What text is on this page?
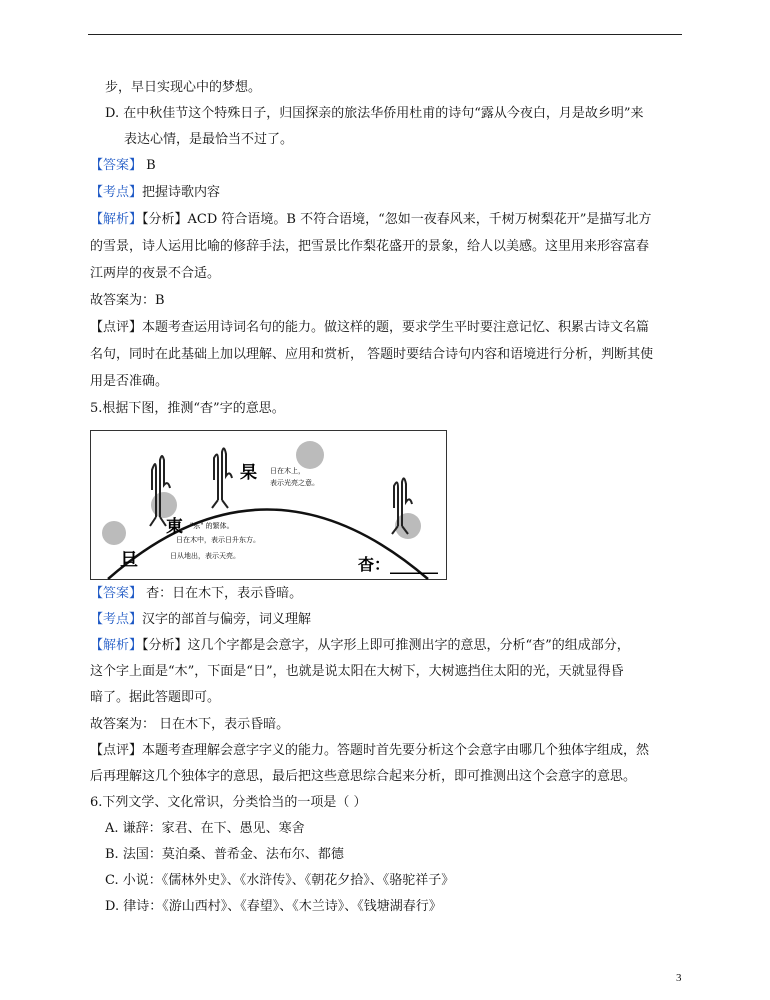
步，早日实现心中的梦想。
D. 在中秋佳节这个特殊日子，归国探亲的旅法华侨用杜甫的诗句“露从今夜白，月是故乡明”来
表达心情，是最恰当不过了。
【答案】 B
【考点】把握诗歌内容
【解析】【分析】ACD 符合语境。B 不符合语境，“忽如一夜春风来，千树万树梨花开”是描写北方
的雪景，诗人运用比喻的修辞手法，把雪景比作梨花盛开的景象，给人以美感。这里用来形容富春
江两岸的夜景不合适。
故答案为：B
【点评】本题考查运用诗词名句的能力。做这样的题，要求学生平时要注意记忆、积累古诗文名篇
名句，同时在此基础上加以理解、应用和赏析， 答题时要结合诗句内容和语境进行分析，判断其使
用是否准确。
5.根据下图，推测“杳”字的意思。
杲 日在木上，
表示光亮之意。
東 "东" 的繁体。
日在木中，表示日升东方。
旦	日从地出，表示天亮。	杳：______
【答案】 杳：日在木下，表示昏暗。
【考点】汉字的部首与偏旁，词义理解
【解析】【分析】这几个字都是会意字，从字形上即可推测出字的意思，分析“杳”的组成部分，
这个字上面是“木”，下面是“日”，也就是说太阳在大树下，大树遮挡住太阳的光，天就显得昏
暗了。据此答题即可。
故答案为： 日在木下，表示昏暗。
【点评】本题考查理解会意字字义的能力。答题时首先要分析这个会意字由哪几个独体字组成，然
后再理解这几个独体字的意思，最后把这些意思综合起来分析，即可推测出这个会意字的意思。
6.下列文学、文化常识，分类恰当的一项是（ ）
A. 谦辞：家君、在下、愚见、寒舍
B. 法国：莫泊桑、普希金、法布尔、都德
C. 小说：《儒林外史》、《水浒传》、《朝花夕拾》、《骆驼祥子》
D. 律诗：《游山西村》、《春望》、《木兰诗》、《钱塘湖春行》
3
